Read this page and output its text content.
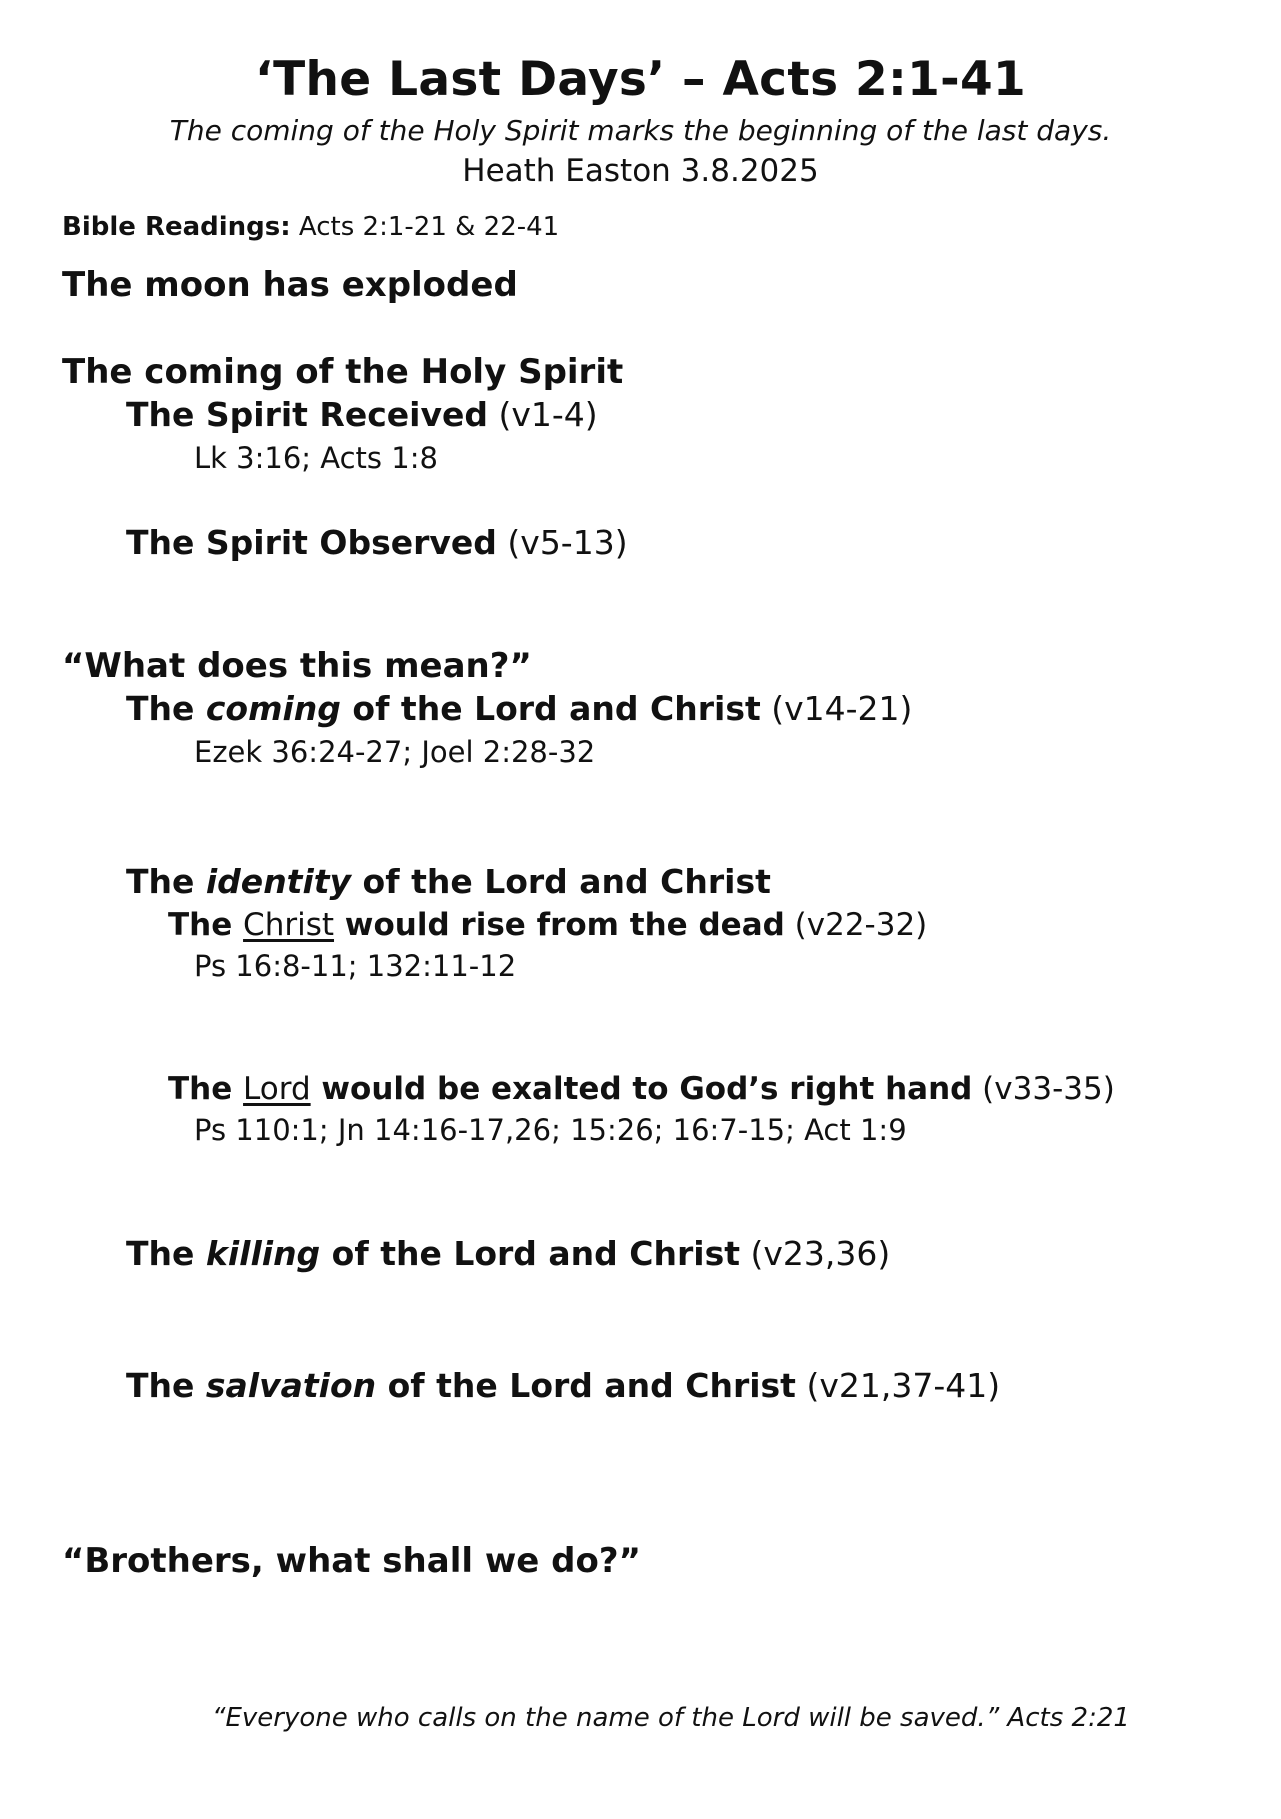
‘The Last Days’ – Acts 2:1-41
The coming of the Holy Spirit marks the beginning of the last days.
Heath Easton 3.8.2025
Bible Readings: Acts 2:1-21 & 22-41
The moon has exploded
The coming of the Holy Spirit
The Spirit Received (v1-4)
Lk 3:16; Acts 1:8
The Spirit Observed (v5-13)
“What does this mean?”
The coming of the Lord and Christ (v14-21)
Ezek 36:24-27; Joel 2:28-32
The identity of the Lord and Christ
The Christ would rise from the dead (v22-32)
Ps 16:8-11; 132:11-12
The Lord would be exalted to God’s right hand (v33-35)
Ps 110:1; Jn 14:16-17,26; 15:26; 16:7-15; Act 1:9
The killing of the Lord and Christ (v23,36)
The salvation of the Lord and Christ (v21,37-41)
“Brothers, what shall we do?”
“Everyone who calls on the name of the Lord will be saved.” Acts 2:21
